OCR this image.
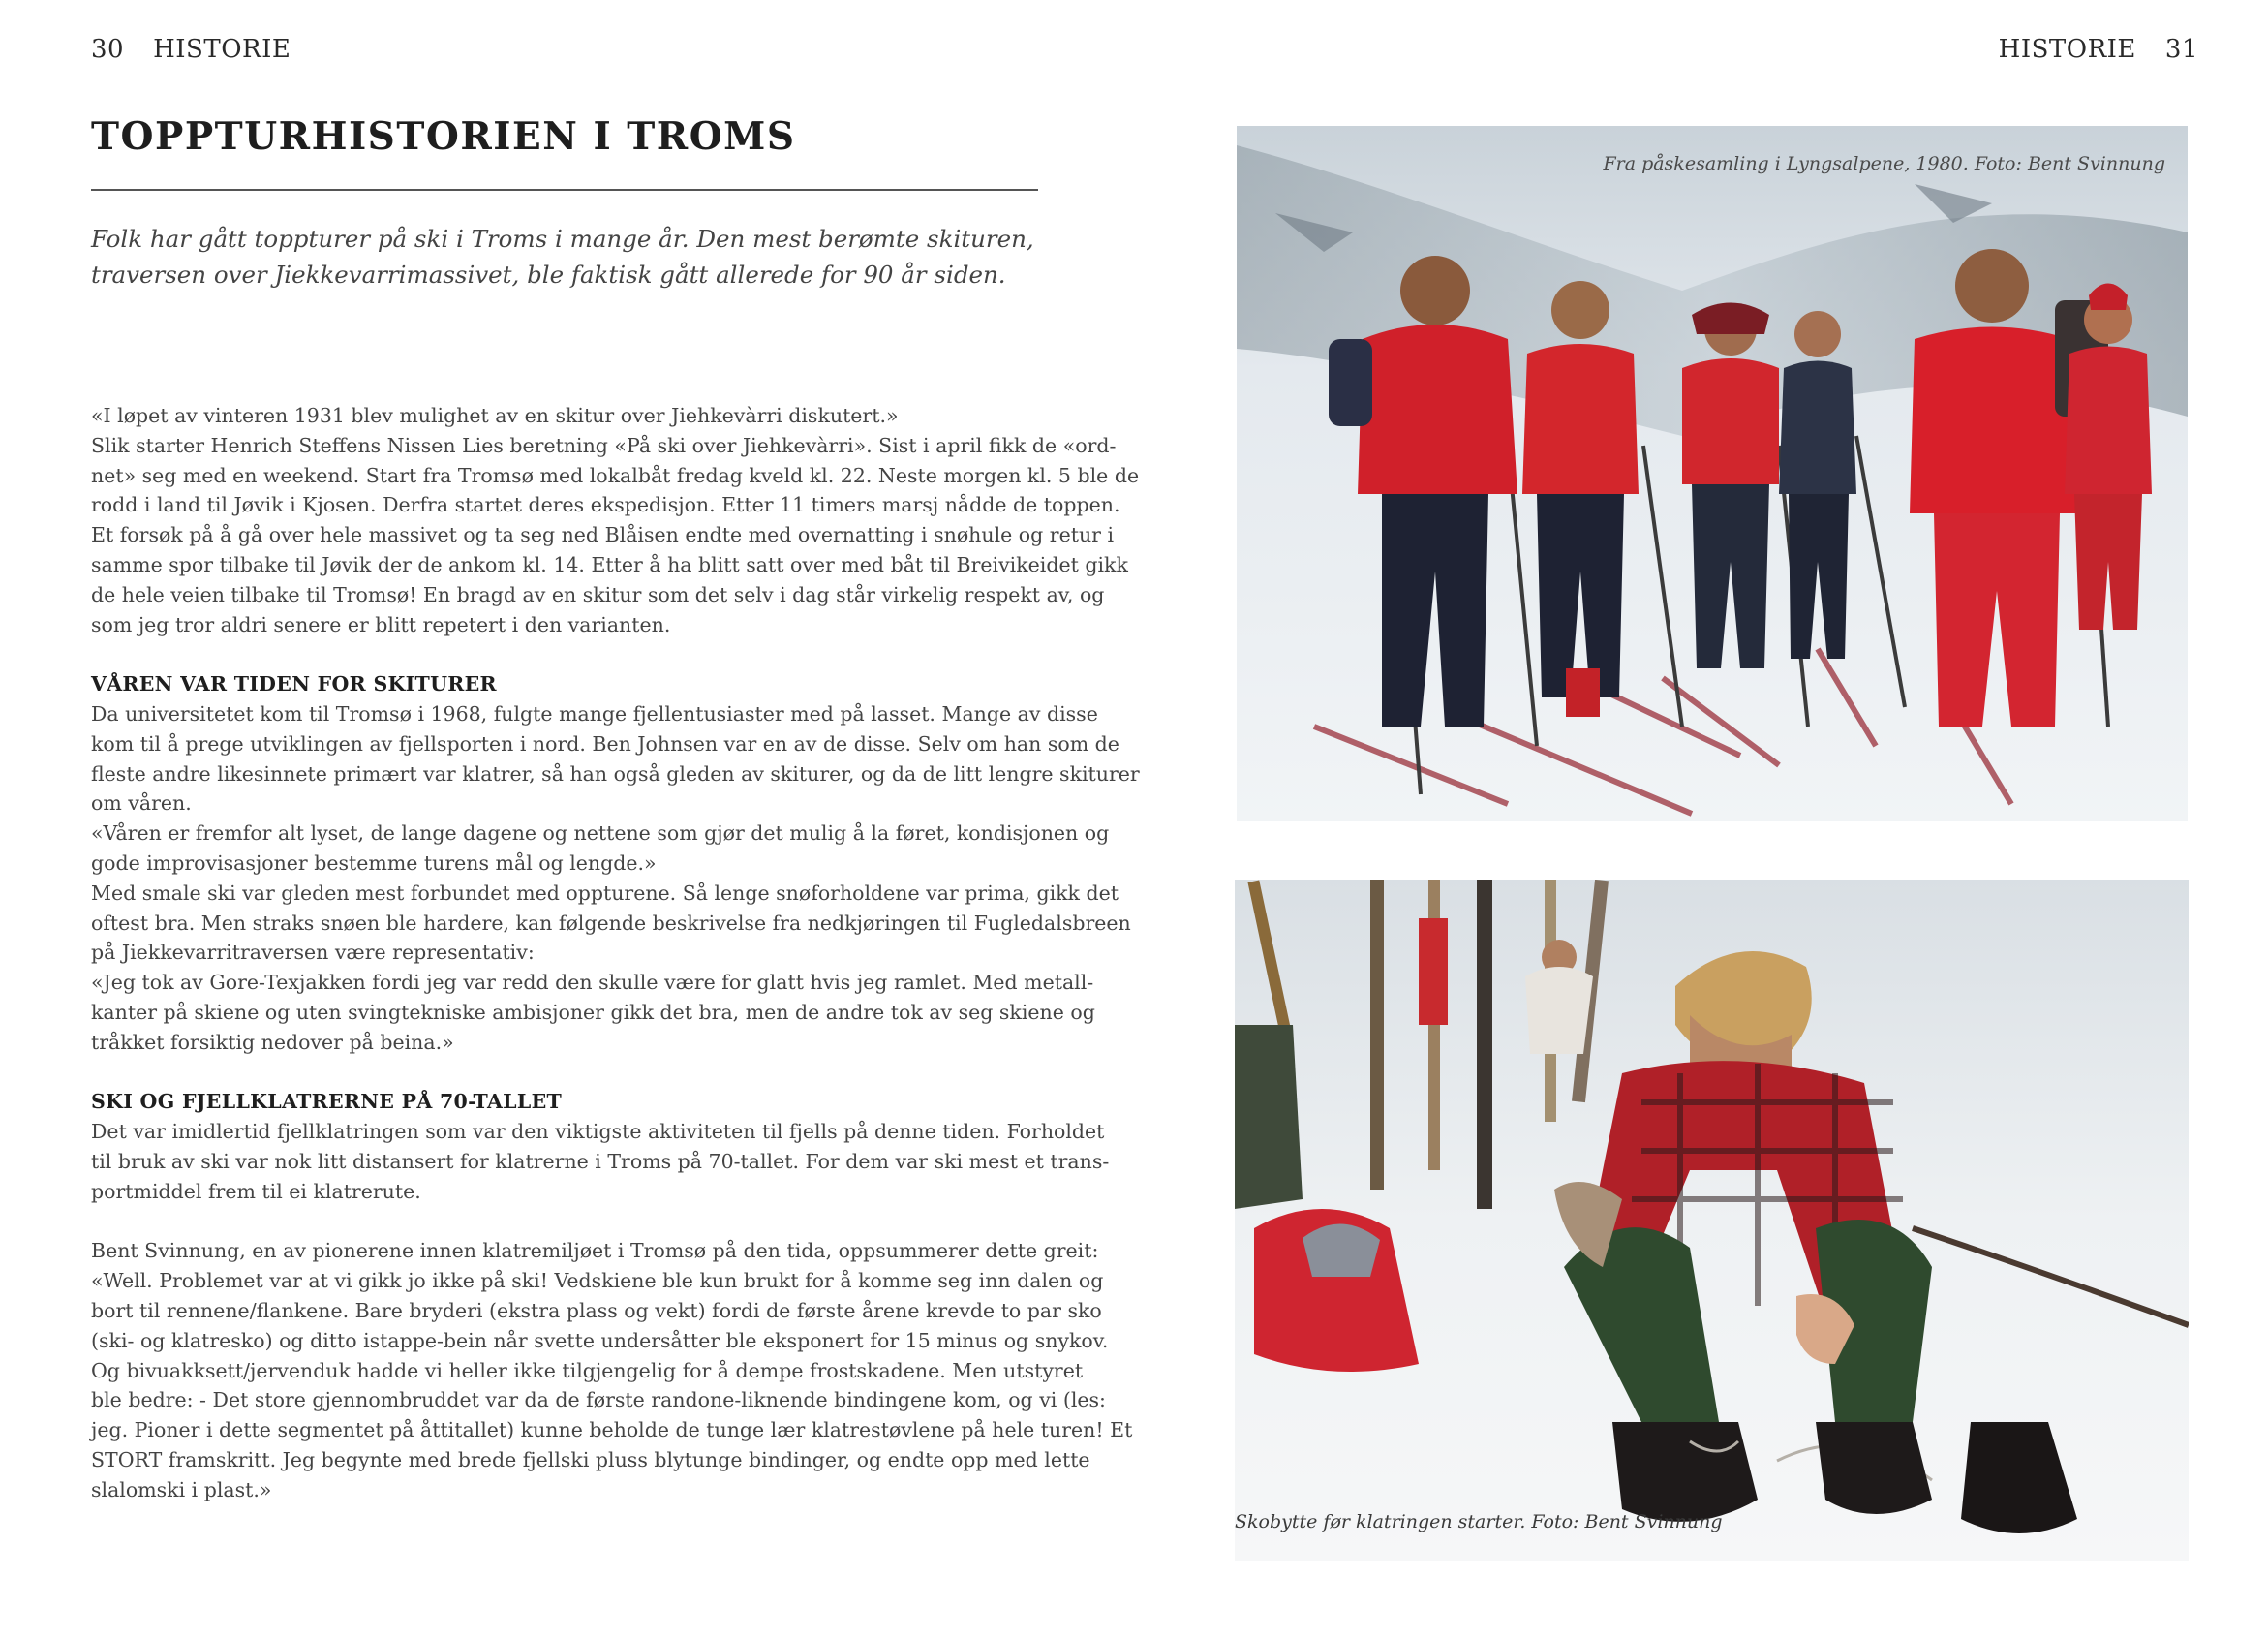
30 HISTORIE	HISTORIE 31
TOPPTURHISTORIEN I TROMS

Folk har gått toppturer på ski i Troms i mange år. Den mest berømte skituren,

traversen over Jiekkevarrimassivet, ble faktisk gått allerede for 90 år siden.

«I løpet av vinteren 1931 blev mulighet av en skitur over Jiehkevàrri diskutert.»

Slik starter Henrich Steffens Nissen Lies beretning «På ski over Jiehkevàrri». Sist i april fikk de «ord-

net» seg med en weekend. Start fra Tromsø med lokalbåt fredag kveld kl. 22. Neste morgen kl. 5 ble de

rodd i land til Jøvik i Kjosen. Derfra startet deres ekspedisjon. Etter 11 timers marsj nådde de toppen.

Et forsøk på å gå over hele massivet og ta seg ned Blåisen endte med overnatting i snøhule og retur i

samme spor tilbake til Jøvik der de ankom kl. 14. Etter å ha blitt satt over med båt til Breivikeidet gikk

de hele veien tilbake til Tromsø! En bragd av en skitur som det selv i dag står virkelig respekt av, og

som jeg tror aldri senere er blitt repetert i den varianten.

VÅREN VAR TIDEN FOR SKITURER

Da universitetet kom til Tromsø i 1968, fulgte mange fjellentusiaster med på lasset. Mange av disse

kom til å prege utviklingen av fjellsporten i nord. Ben Johnsen var en av de disse. Selv om han som de

fleste andre likesinnete primært var klatrer, så han også gleden av skiturer, og da de litt lengre skiturer

om våren.

«Våren er fremfor alt lyset, de lange dagene og nettene som gjør det mulig å la føret, kondisjonen og

gode improvisasjoner bestemme turens mål og lengde.»

Med smale ski var gleden mest forbundet med oppturene. Så lenge snøforholdene var prima, gikk det

oftest bra. Men straks snøen ble hardere, kan følgende beskrivelse fra nedkjøringen til Fugledalsbreen

på Jiekkevarritraversen være representativ:

«Jeg tok av Gore-Texjakken fordi jeg var redd den skulle være for glatt hvis jeg ramlet. Med metall-

kanter på skiene og uten svingtekniske ambisjoner gikk det bra, men de andre tok av seg skiene og

tråkket forsiktig nedover på beina.»

SKI OG FJELLKLATRERNE PÅ 70-TALLET

Det var imidlertid fjellklatringen som var den viktigste aktiviteten til fjells på denne tiden. Forholdet

til bruk av ski var nok litt distansert for klatrerne i Troms på 70-tallet. For dem var ski mest et trans-

portmiddel frem til ei klatrerute.

Bent Svinnung, en av pionerene innen klatremiljøet i Tromsø på den tida, oppsummerer dette greit:

«Well. Problemet var at vi gikk jo ikke på ski! Vedskiene ble kun brukt for å komme seg inn dalen og

bort til rennene/flankene. Bare bryderi (ekstra plass og vekt) fordi de første årene krevde to par sko

(ski- og klatresko) og ditto istappe-bein når svette undersåtter ble eksponert for 15 minus og snykov.

Og bivuakksett/jervenduk hadde vi heller ikke tilgjengelig for å dempe frostskadene. Men utstyret

ble bedre: - Det store gjennombruddet var da de første randone-liknende bindingene kom, og vi (les:

jeg. Pioner i dette segmentet på åttitallet) kunne beholde de tunge lær klatrestøvlene på hele turen! Et

STORT framskritt. Jeg begynte med brede fjellski pluss blytunge bindinger, og endte opp med lette

slalomski i plast.»

Fra påskesamling i Lyngsalpene, 1980. Foto: Bent Svinnung
Skobytte før klatringen starter. Foto: Bent Svinnung
